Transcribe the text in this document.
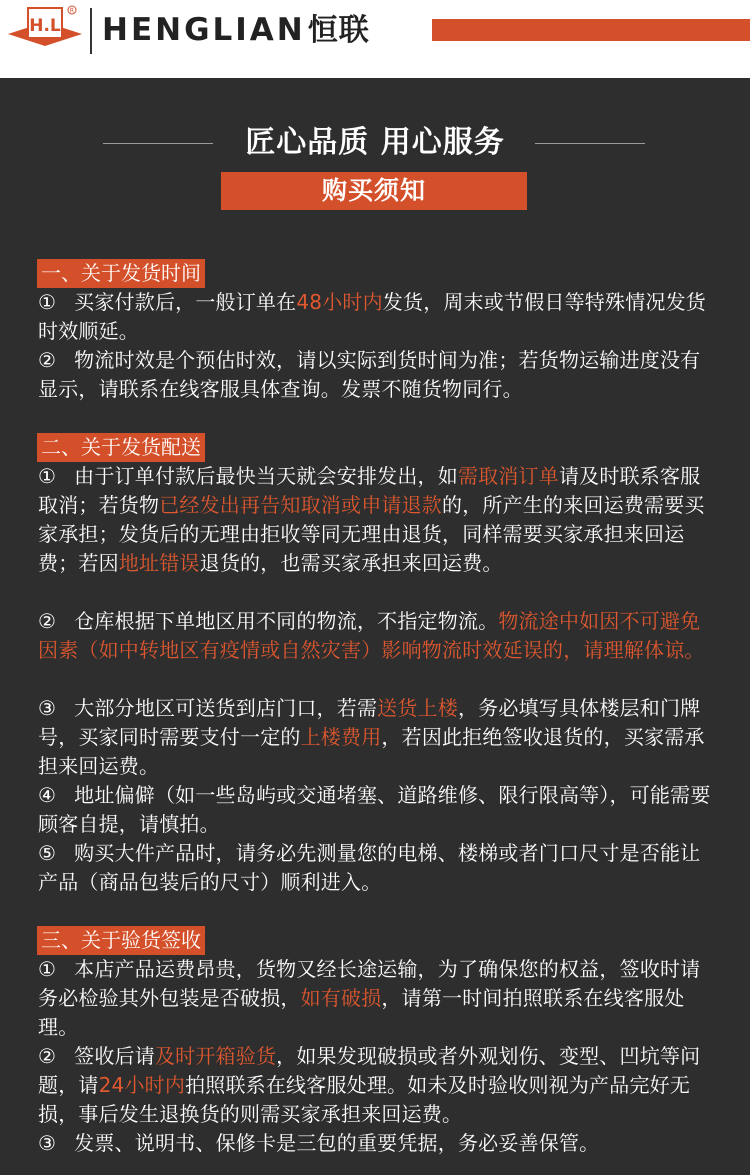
H.L
R
HENGLIAN恒联
匠心品质 用心服务
购买须知
一、关于发货时间
① 买家付款后，一般订单在48小时内发货，周末或节假日等特殊情况发货时效顺延。
② 物流时效是个预估时效，请以实际到货时间为准；若货物运输进度没有显示，请联系在线客服具体查询。发票不随货物同行。
二、关于发货配送
① 由于订单付款后最快当天就会安排发出，如需取消订单请及时联系客服取消；若货物已经发出再告知取消或申请退款的，所产生的来回运费需要买家承担；发货后的无理由拒收等同无理由退货，同样需要买家承担来回运费；若因地址错误退货的，也需买家承担来回运费。
② 仓库根据下单地区用不同的物流，不指定物流。物流途中如因不可避免因素（如中转地区有疫情或自然灾害）影响物流时效延误的，请理解体谅。
③ 大部分地区可送货到店门口，若需送货上楼，务必填写具体楼层和门牌号，买家同时需要支付一定的上楼费用，若因此拒绝签收退货的，买家需承担来回运费。
④ 地址偏僻（如一些岛屿或交通堵塞、道路维修、限行限高等），可能需要顾客自提，请慎拍。
⑤ 购买大件产品时，请务必先测量您的电梯、楼梯或者门口尺寸是否能让产品（商品包装后的尺寸）顺利进入。
三、关于验货签收
① 本店产品运费昂贵，货物又经长途运输，为了确保您的权益，签收时请务必检验其外包装是否破损，如有破损，请第一时间拍照联系在线客服处理。
② 签收后请及时开箱验货，如果发现破损或者外观划伤、变型、凹坑等问题，请24小时内拍照联系在线客服处理。如未及时验收则视为产品完好无损，事后发生退换货的则需买家承担来回运费。
③ 发票、说明书、保修卡是三包的重要凭据，务必妥善保管。
